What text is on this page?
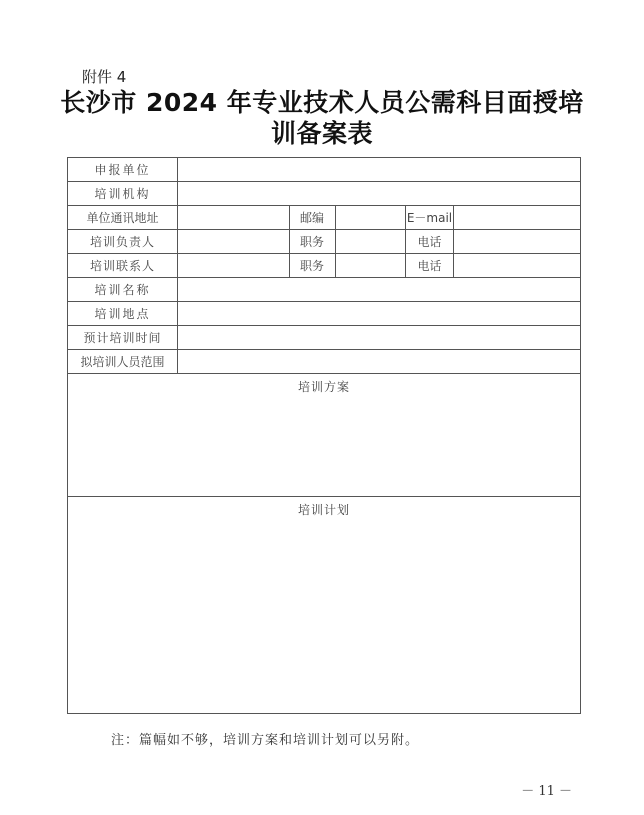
附件 4
长沙市 2024 年专业技术人员公需科目面授培
训备案表
申报单位					
培训机构					
单位通讯地址		邮编		E－mail	
培训负责人		职务		电话	
培训联系人		职务		电话	
培训名称					
培训地点					
预计培训时间					
拟培训人员范围					
培训方案					
培训计划					
注：篇幅如不够，培训方案和培训计划可以另附。
－ 11 －
